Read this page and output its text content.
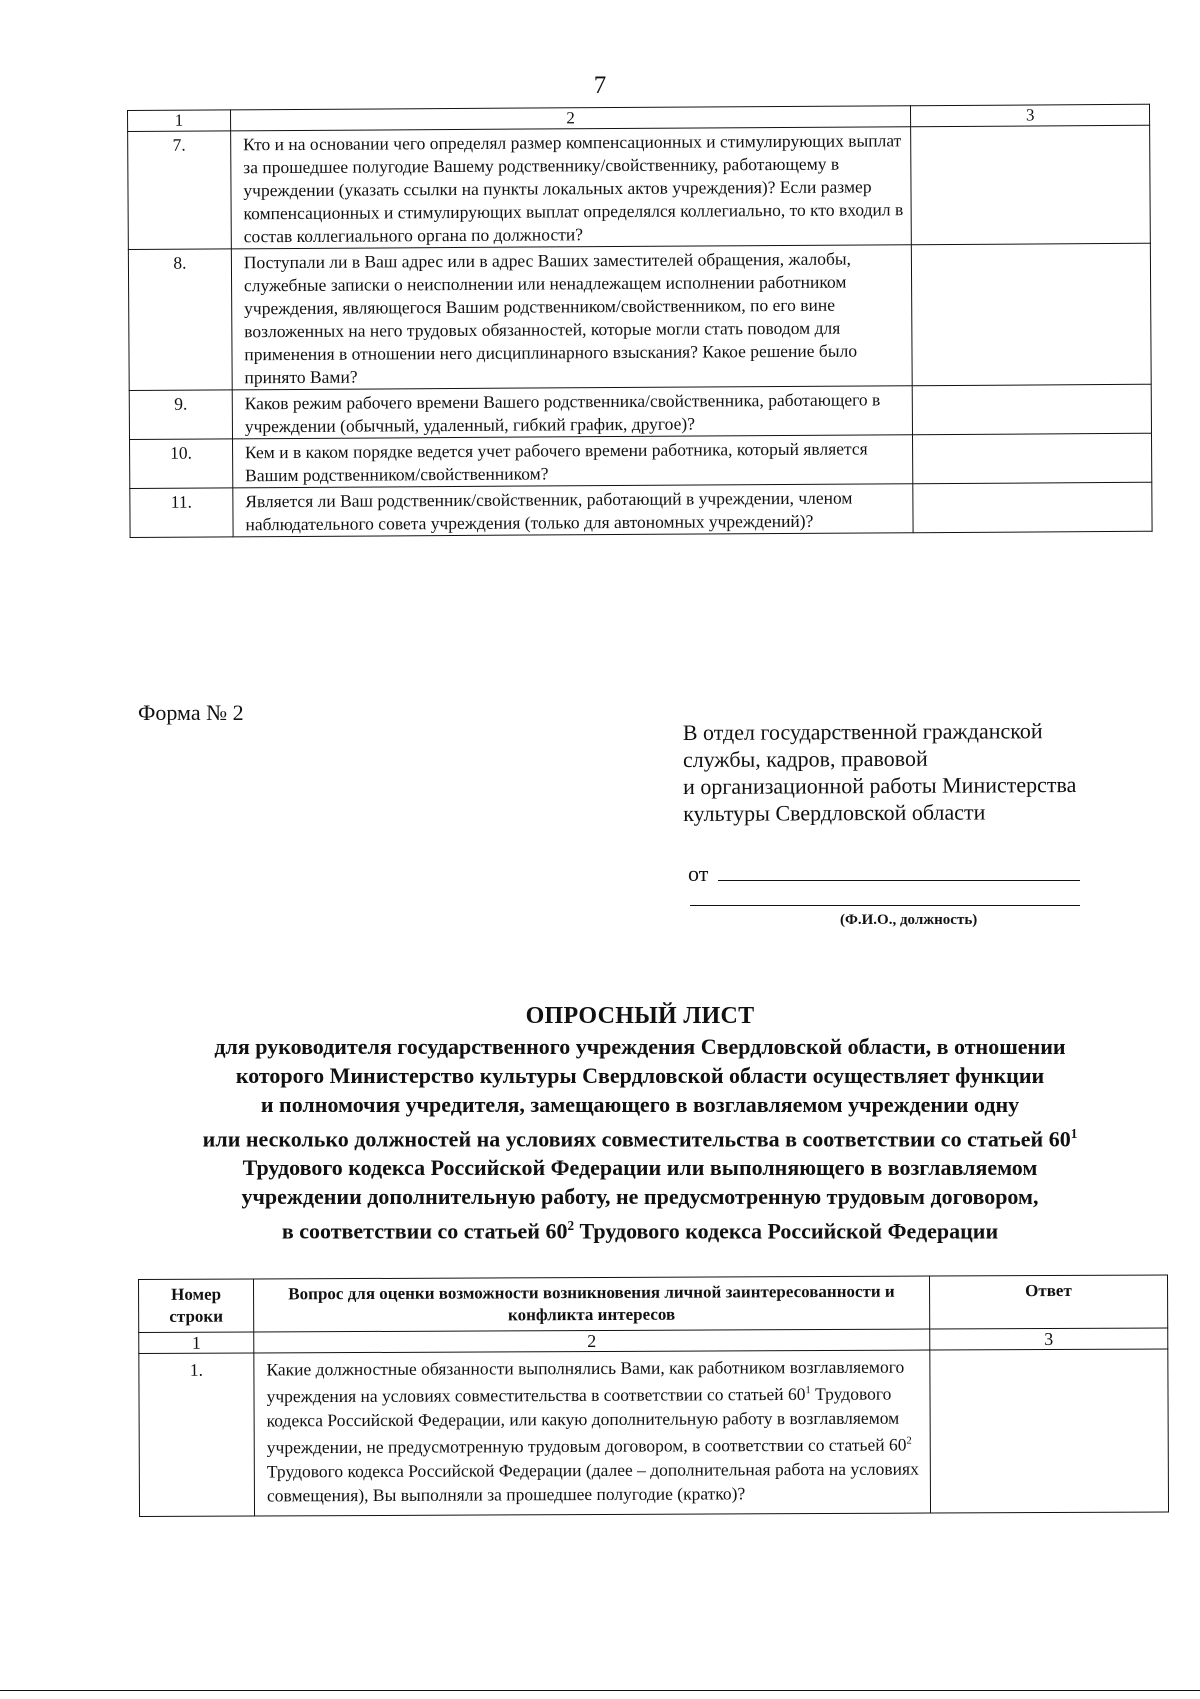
7
1	2	3
7.	Кто и на основании чего определял размер компенсационных и стимулирующих выплат за прошедшее полугодие Вашему родственнику/свойственнику, работающему в учреждении (указать ссылки на пункты локальных актов учреждения)? Если размер компенсационных и стимулирующих выплат определялся коллегиально, то кто входил в состав коллегиального органа по должности?	
8.	Поступали ли в Ваш адрес или в адрес Ваших заместителей обращения, жалобы, служебные записки о неисполнении или ненадлежащем исполнении работником учреждения, являющегося Вашим родственником/свойственником, по его вине возложенных на него трудовых обязанностей, которые могли стать поводом для применения в отношении него дисциплинарного взыскания? Какое решение было принято Вами?	
9.	Каков режим рабочего времени Вашего родственника/свойственника, работающего в учреждении (обычный, удаленный, гибкий график, другое)?	
10.	Кем и в каком порядке ведется учет рабочего времени работника, который является Вашим родственником/свойственником?	
11.	Является ли Ваш родственник/свойственник, работающий в учреждении, членом наблюдательного совета учреждения (только для автономных учреждений)?	
Форма № 2
В отдел государственной гражданской
службы, кадров, правовой
и организационной работы Министерства
культуры Свердловской области
от
(Ф.И.О., должность)
ОПРОСНЫЙ ЛИСТ
для руководителя государственного учреждения Свердловской области, в отношении
которого Министерство культуры Свердловской области осуществляет функции
и полномочия учредителя, замещающего в возглавляемом учреждении одну
или несколько должностей на условиях совместительства в соответствии со статьей $60^1$
Трудового кодекса Российской Федерации или выполняющего в возглавляемом
учреждении дополнительную работу, не предусмотренную трудовым договором,
в соответствии со статьей $60^2$ Трудового кодекса Российской Федерации
Номер строки	Вопрос для оценки возможности возникновения личной заинтересованности и конфликта интересов	Ответ
1	2	3
1.	Какие должностные обязанности выполнялись Вами, как работником возглавляемого учреждения на условиях совместительства в соответствии со статьей $60^1$ Трудового кодекса Российской Федерации, или какую дополнительную работу в возглавляемом учреждении, не предусмотренную трудовым договором, в соответствии со статьей $60^2$ Трудового кодекса Российской Федерации (далее – дополнительная работа на условиях совмещения), Вы выполняли за прошедшее полугодие (кратко)?	
